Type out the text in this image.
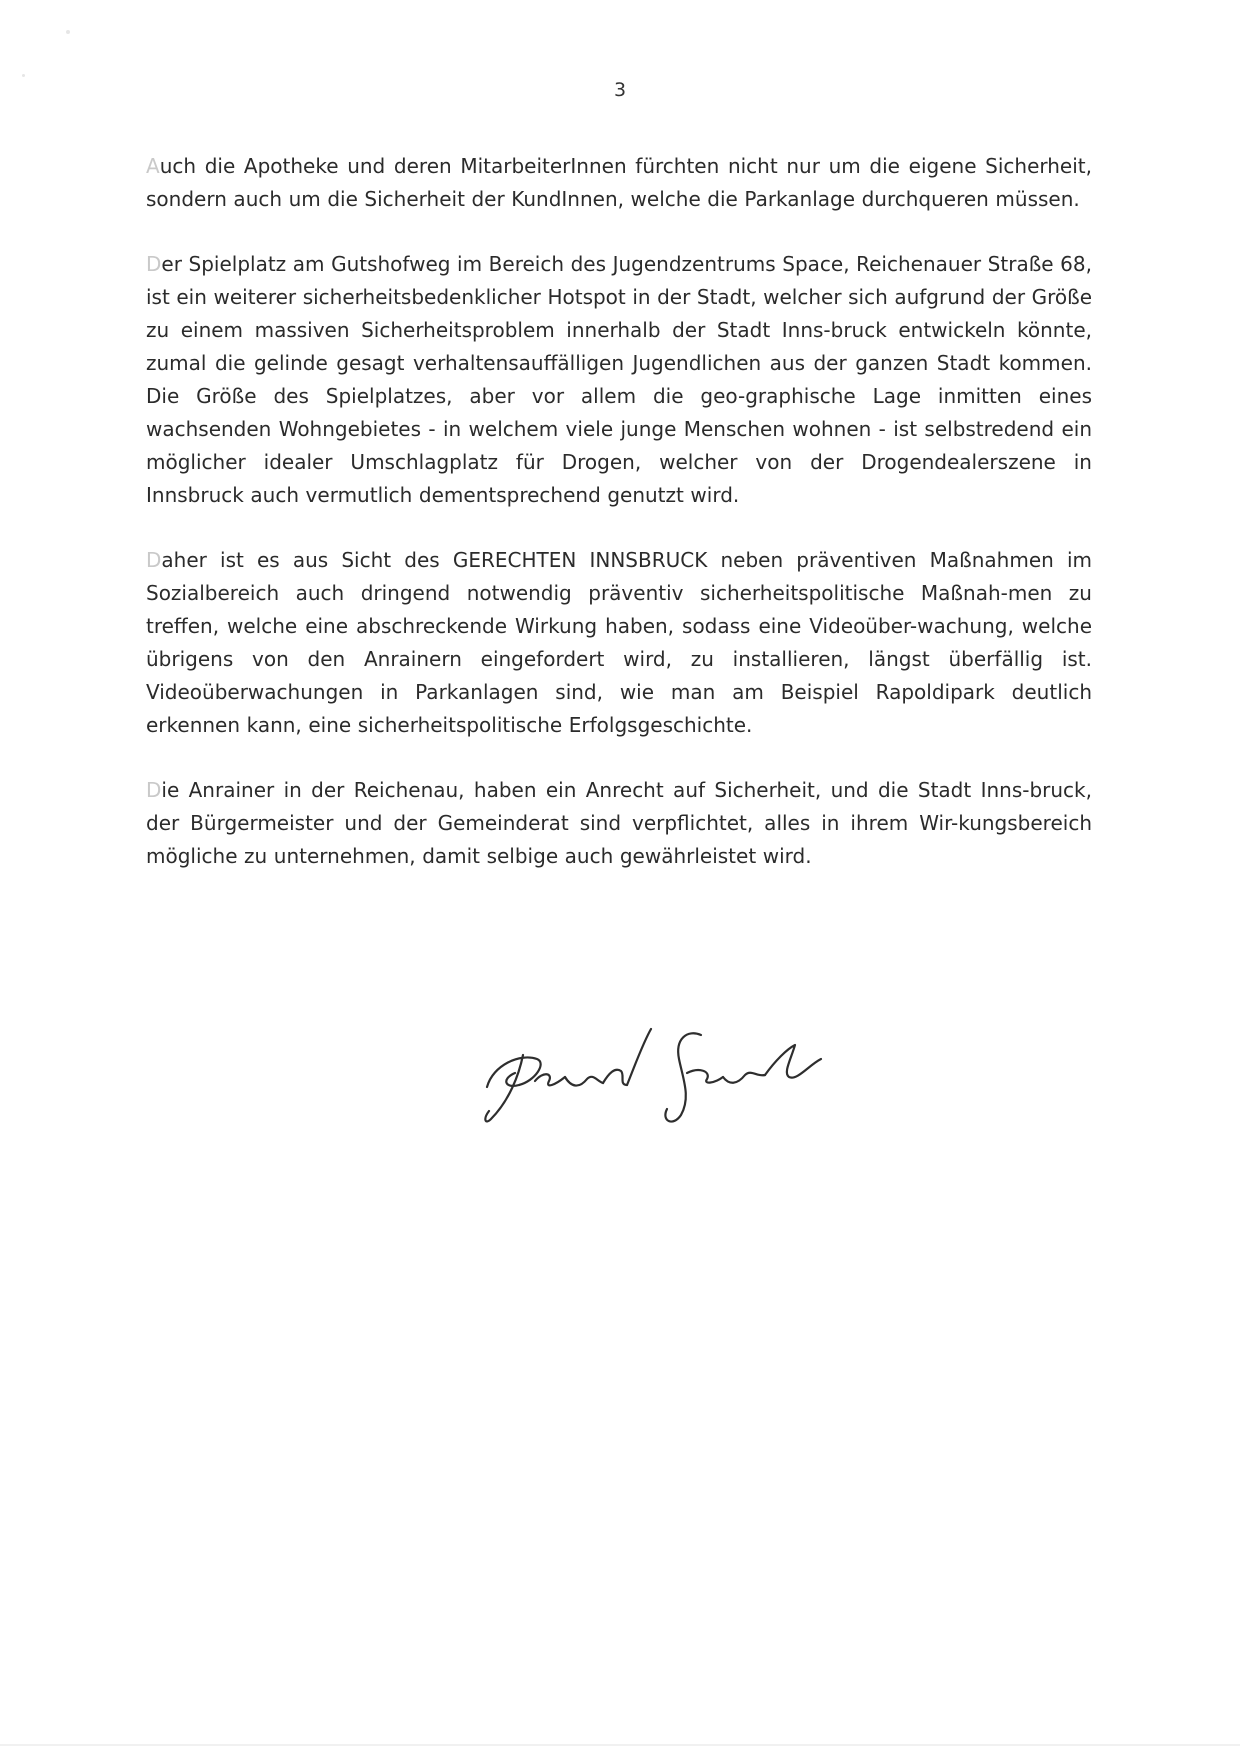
3

Auch die Apotheke und deren MitarbeiterInnen fürchten nicht nur um die eigene Sicherheit, sondern auch um die Sicherheit der KundInnen, welche die Parkanlage durchqueren müssen.

Der Spielplatz am Gutshofweg im Bereich des Jugendzentrums Space, Reichenauer Straße 68, ist ein weiterer sicherheitsbedenklicher Hotspot in der Stadt, welcher sich aufgrund der Größe zu einem massiven Sicherheitsproblem innerhalb der Stadt Inns-bruck entwickeln könnte, zumal die gelinde gesagt verhaltensauffälligen Jugendlichen aus der ganzen Stadt kommen. Die Größe des Spielplatzes, aber vor allem die geo-graphische Lage inmitten eines wachsenden Wohngebietes - in welchem viele junge Menschen wohnen - ist selbstredend ein möglicher idealer Umschlagplatz für Drogen, welcher von der Drogendealerszene in Innsbruck auch vermutlich dementsprechend genutzt wird.

Daher ist es aus Sicht des GERECHTEN INNSBRUCK neben präventiven Maßnahmen im Sozialbereich auch dringend notwendig präventiv sicherheitspolitische Maßnah-men zu treffen, welche eine abschreckende Wirkung haben, sodass eine Videoüber-wachung, welche übrigens von den Anrainern eingefordert wird, zu installieren, längst überfällig ist. Videoüberwachungen in Parkanlagen sind, wie man am Beispiel Rapoldipark deutlich erkennen kann, eine sicherheitspolitische Erfolgsgeschichte.

Die Anrainer in der Reichenau, haben ein Anrecht auf Sicherheit, und die Stadt Inns-bruck, der Bürgermeister und der Gemeinderat sind verpflichtet, alles in ihrem Wir-kungsbereich mögliche zu unternehmen, damit selbige auch gewährleistet wird.
